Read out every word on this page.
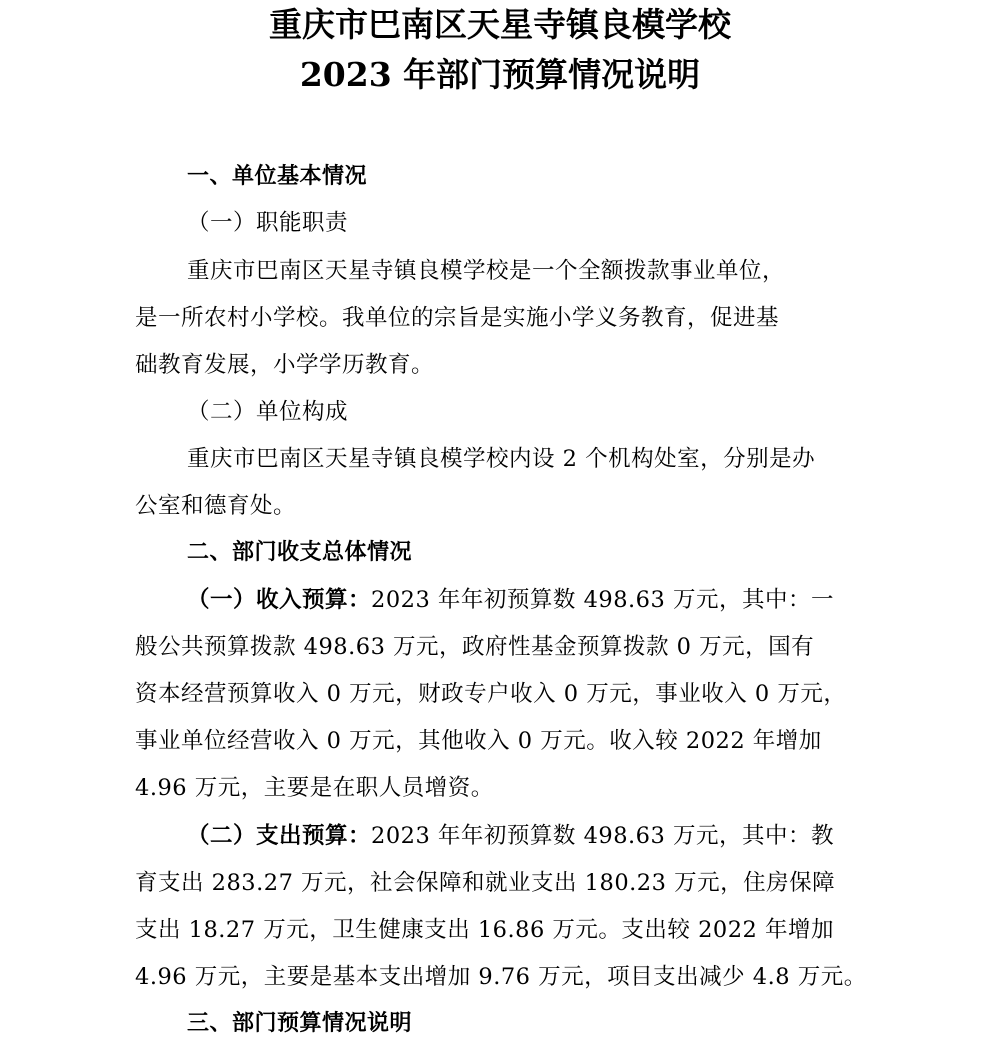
重庆市巴南区天星寺镇良模学校
2023 年部门预算情况说明
一、单位基本情况
（一）职能职责
重庆市巴南区天星寺镇良模学校是一个全额拨款事业单位，
是一所农村小学校。我单位的宗旨是实施小学义务教育，促进基
础教育发展，小学学历教育。
（二）单位构成
重庆市巴南区天星寺镇良模学校内设 2 个机构处室，分别是办
公室和德育处。
二、部门收支总体情况
（一）收入预算：2023 年年初预算数 498.63 万元，其中：一
般公共预算拨款 498.63 万元，政府性基金预算拨款 0 万元，国有
资本经营预算收入 0 万元，财政专户收入 0 万元，事业收入 0 万元，
事业单位经营收入 0 万元，其他收入 0 万元。收入较 2022 年增加
4.96 万元，主要是在职人员增资。
（二）支出预算：2023 年年初预算数 498.63 万元，其中：教
育支出 283.27 万元，社会保障和就业支出 180.23 万元，住房保障
支出 18.27 万元，卫生健康支出 16.86 万元。支出较 2022 年增加
4.96 万元，主要是基本支出增加 9.76 万元，项目支出减少 4.8 万元。
三、部门预算情况说明
